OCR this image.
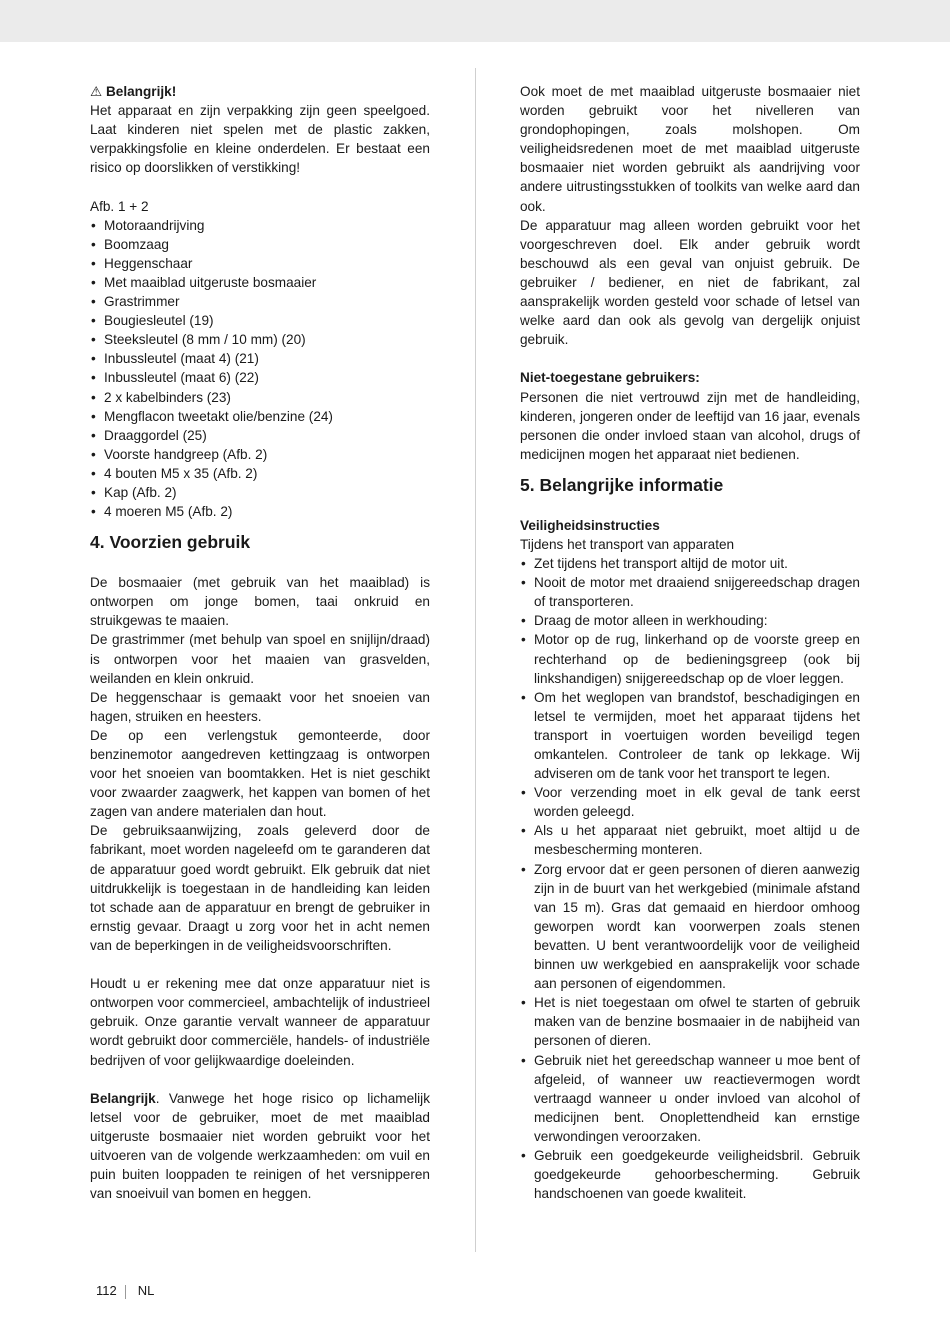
⚠ Belangrijk!

Het apparaat en zijn verpakking zijn geen speelgoed. Laat kinderen niet spelen met de plastic zakken, verpakkingsfolie en kleine onderdelen. Er bestaat een risico op doorslikken of verstikking!

Afb. 1 + 2

• Motoraandrijving
• Boomzaag
• Heggenschaar
• Met maaiblad uitgeruste bosmaaier
• Grastrimmer
• Bougiesleutel (19)
• Steeksleutel (8 mm / 10 mm) (20)
• Inbussleutel (maat 4) (21)
• Inbussleutel (maat 6) (22)
• 2 x kabelbinders (23)
• Mengflacon tweetakt olie/benzine (24)
• Draaggordel (25)
• Voorste handgreep (Afb. 2)
• 4 bouten M5 x 35 (Afb. 2)
• Kap (Afb. 2)
• 4 moeren M5 (Afb. 2)
4. Voorzien gebruik

De bosmaaier (met gebruik van het maaiblad) is ontworpen om jonge bomen, taai onkruid en struikgewas te maaien.

De grastrimmer (met behulp van spoel en snijlijn/draad) is ontworpen voor het maaien van grasvelden, weilanden en klein onkruid.

De heggenschaar is gemaakt voor het snoeien van hagen, struiken en heesters.

De op een verlengstuk gemonteerde, door benzinemotor aangedreven kettingzaag is ontworpen voor het snoeien van boomtakken. Het is niet geschikt voor zwaarder zaagwerk, het kappen van bomen of het zagen van andere materialen dan hout.

De gebruiksaanwijzing, zoals geleverd door de fabrikant, moet worden nageleefd om te garanderen dat de apparatuur goed wordt gebruikt. Elk gebruik dat niet uitdrukkelijk is toegestaan in de handleiding kan leiden tot schade aan de apparatuur en brengt de gebruiker in ernstig gevaar. Draagt u zorg voor het in acht nemen van de beperkingen in de veiligheidsvoorschriften.

Houdt u er rekening mee dat onze apparatuur niet is ontworpen voor commercieel, ambachtelijk of industrieel gebruik. Onze garantie vervalt wanneer de apparatuur wordt gebruikt door commerciële, handels- of industriële bedrijven of voor gelijkwaardige doeleinden.

Belangrijk. Vanwege het hoge risico op lichamelijk letsel voor de gebruiker, moet de met maaiblad uitgeruste bosmaaier niet worden gebruikt voor het uitvoeren van de volgende werkzaamheden: om vuil en puin buiten looppaden te reinigen of het versnipperen van snoeivuil van bomen en heggen.

Ook moet de met maaiblad uitgeruste bosmaaier niet worden gebruikt voor het nivelleren van grondophopingen, zoals molshopen. Om veiligheidsredenen moet de met maaiblad uitgeruste bosmaaier niet worden gebruikt als aandrijving voor andere uitrustingsstukken of toolkits van welke aard dan ook.

De apparatuur mag alleen worden gebruikt voor het voorgeschreven doel. Elk ander gebruik wordt beschouwd als een geval van onjuist gebruik. De gebruiker / bediener, en niet de fabrikant, zal aansprakelijk worden gesteld voor schade of letsel van welke aard dan ook als gevolg van dergelijk onjuist gebruik.

Niet-toegestane gebruikers:

Personen die niet vertrouwd zijn met de handleiding, kinderen, jongeren onder de leeftijd van 16 jaar, evenals personen die onder invloed staan van alcohol, drugs of medicijnen mogen het apparaat niet bedienen.

5. Belangrijke informatie

Veiligheidsinstructies

Tijdens het transport van apparaten

• Zet tijdens het transport altijd de motor uit.
• Nooit de motor met draaiend snijgereedschap dragen of transporteren.
• Draag de motor alleen in werkhouding:
• Motor op de rug, linkerhand op de voorste greep en rechterhand op de bedieningsgreep (ook bij linkshandigen) snijgereedschap op de vloer leggen.
• Om het weglopen van brandstof, beschadigingen en letsel te vermijden, moet het apparaat tijdens het transport in voertuigen worden beveiligd tegen omkantelen. Controleer de tank op lekkage. Wij adviseren om de tank voor het transport te legen.
• Voor verzending moet in elk geval de tank eerst worden geleegd.
• Als u het apparaat niet gebruikt, moet altijd u de mesbescherming monteren.
• Zorg ervoor dat er geen personen of dieren aanwezig zijn in de buurt van het werkgebied (minimale afstand van 15 m). Gras dat gemaaid en hierdoor omhoog geworpen wordt kan voorwerpen zoals stenen bevatten. U bent verantwoordelijk voor de veiligheid binnen uw werkgebied en aansprakelijk voor schade aan personen of eigendommen.
• Het is niet toegestaan om ofwel te starten of gebruik maken van de benzine bosmaaier in de nabijheid van personen of dieren.
• Gebruik niet het gereedschap wanneer u moe bent of afgeleid, of wanneer uw reactievermogen wordt vertraagd wanneer u onder invloed van alcohol of medicijnen bent. Onoplettendheid kan ernstige verwondingen veroorzaken.
• Gebruik een goedgekeurde veiligheidsbril. Gebruik goedgekeurde gehoorbescherming. Gebruik handschoenen van goede kwaliteit.
112 NL
